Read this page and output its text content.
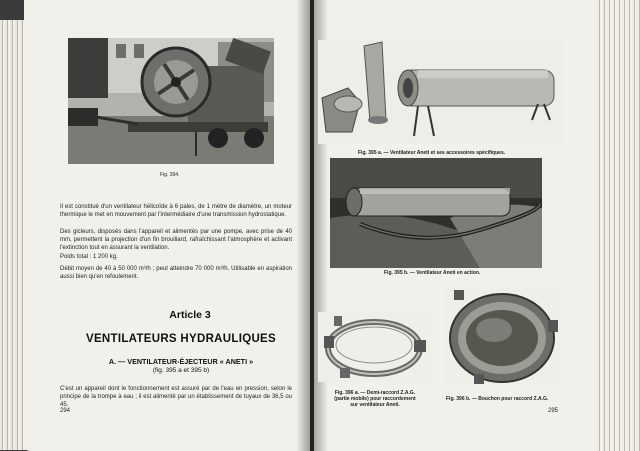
Fig. 394.

Il est constitué d'un ventilateur hélicoïde à 6 pales, de 1 mètre de diamètre, un moteur thermique le met en mouvement par l'intermédiaire d'une transmission hydrostatique.

Des gicleurs, disposés dans l'appareil et alimentés par une pompe, avec prise de 40 mm, permettent la projection d'un fin brouillard, rafraîchissant l'atmosphère et activant l'extinction tout en assurant la ventilation.

Poids total : 1 200 kg.

Débit moyen de 40 à 50 000 m³/h ; peut atteindre 70 000 m³/h. Utilisable en aspiration aussi bien qu'en refoulement.

Article 3
VENTILATEURS HYDRAULIQUES
A. — VENTILATEUR-ÉJECTEUR « ANETI »
(fig. 395 a et 395 b)

C'est un appareil dont le fonctionnement est assuré par de l'eau en pression, selon le principe de la trompe à eau ; il est alimenté par un établissement de tuyaux de 36,5 ou 45.

294
Fig. 395 a. — Ventilateur Aneti et ses accessoires spécifiques.
Fig. 395 b. — Ventilateur Aneti en action.
Fig. 396 a. — Demi-raccord Z.A.G.
(partie mobile) pour raccordement
sur ventilateur Aneti.
Fig. 396 b. — Bouchon pour raccord Z.A.G.
295
